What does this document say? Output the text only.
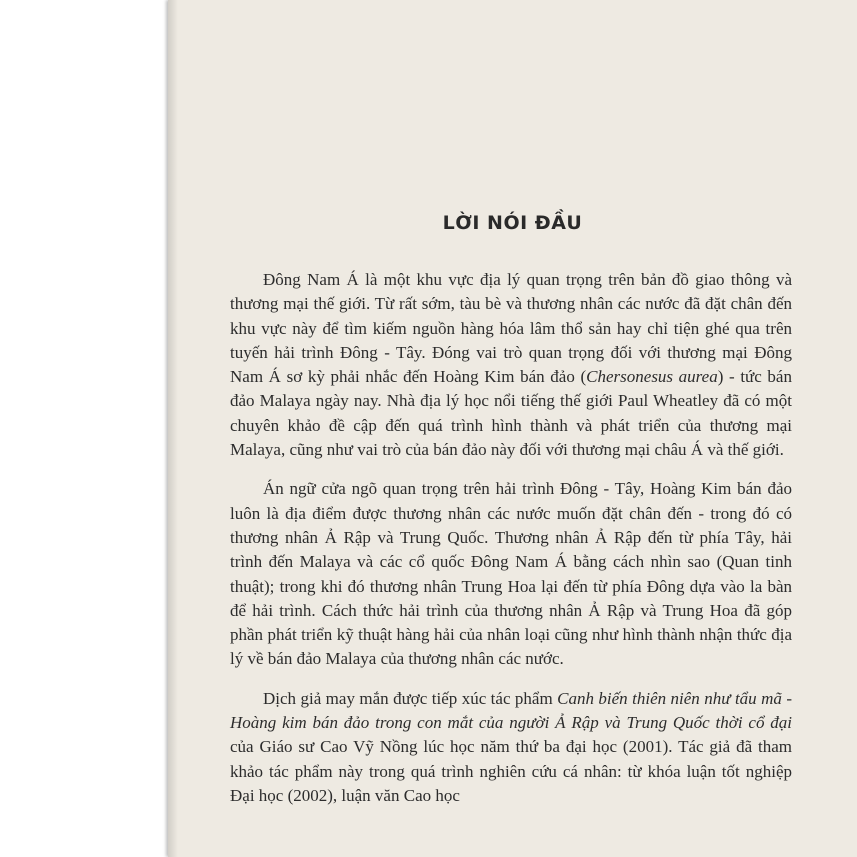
LỜI NÓI ĐẦU

Đông Nam Á là một khu vực địa lý quan trọng trên bản đồ giao thông và thương mại thế giới. Từ rất sớm, tàu bè và thương nhân các nước đã đặt chân đến khu vực này để tìm kiếm nguồn hàng hóa lâm thổ sản hay chỉ tiện ghé qua trên tuyến hải trình Đông - Tây. Đóng vai trò quan trọng đối với thương mại Đông Nam Á sơ kỳ phải nhắc đến Hoàng Kim bán đảo (Chersonesus aurea) - tức bán đảo Malaya ngày nay. Nhà địa lý học nổi tiếng thế giới Paul Wheatley đã có một chuyên khảo đề cập đến quá trình hình thành và phát triển của thương mại Malaya, cũng như vai trò của bán đảo này đối với thương mại châu Á và thế giới.

Án ngữ cửa ngõ quan trọng trên hải trình Đông - Tây, Hoàng Kim bán đảo luôn là địa điểm được thương nhân các nước muốn đặt chân đến - trong đó có thương nhân Ả Rập và Trung Quốc. Thương nhân Ả Rập đến từ phía Tây, hải trình đến Malaya và các cổ quốc Đông Nam Á bằng cách nhìn sao (Quan tinh thuật); trong khi đó thương nhân Trung Hoa lại đến từ phía Đông dựa vào la bàn để hải trình. Cách thức hải trình của thương nhân Ả Rập và Trung Hoa đã góp phần phát triển kỹ thuật hàng hải của nhân loại cũng như hình thành nhận thức địa lý về bán đảo Malaya của thương nhân các nước.

Dịch giả may mắn được tiếp xúc tác phẩm Canh biến thiên niên như tẩu mã - Hoàng kim bán đảo trong con mắt của người Ả Rập và Trung Quốc thời cổ đại của Giáo sư Cao Vỹ Nồng lúc học năm thứ ba đại học (2001). Tác giả đã tham khảo tác phẩm này trong quá trình nghiên cứu cá nhân: từ khóa luận tốt nghiệp Đại học (2002), luận văn Cao học
